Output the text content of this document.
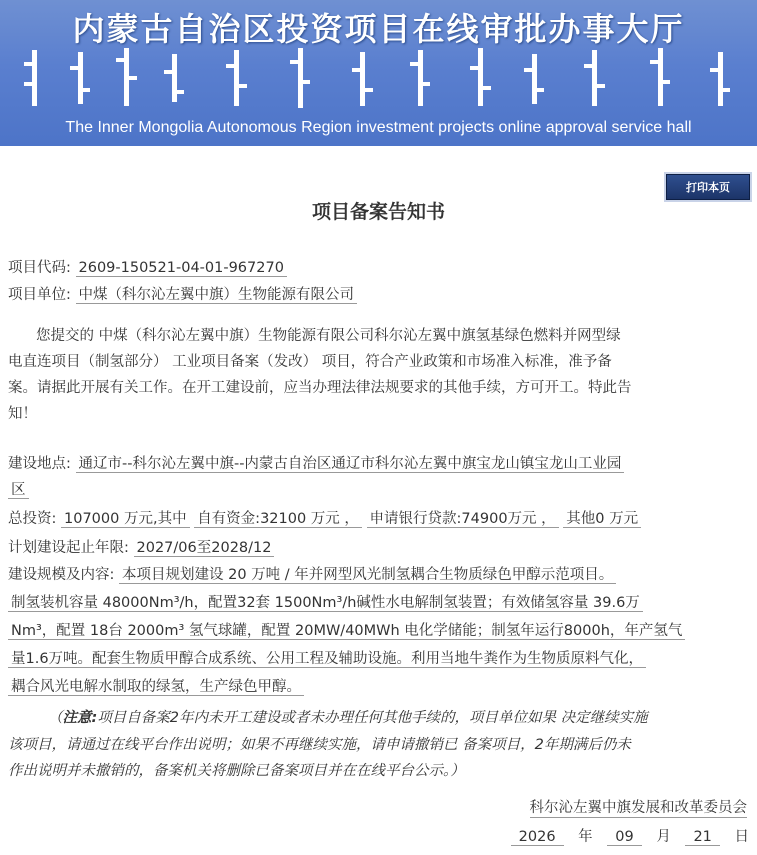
内蒙古自治区投资项目在线审批办事大厅
The Inner Mongolia Autonomous Region investment projects online approval service hall
打印本页
项目备案告知书
项目代码: 2609-150521-04-01-967270
项目单位: 中煤（科尔沁左翼中旗）生物能源有限公司
您提交的 中煤（科尔沁左翼中旗）生物能源有限公司科尔沁左翼中旗氢基绿色燃料并网型绿
电直连项目（制氢部分） 工业项目备案（发改） 项目，符合产业政策和市场准入标准，准予备
案。请据此开展有关工作。在开工建设前，应当办理法律法规要求的其他手续，方可开工。特此告
知！
建设地点: 通辽市--科尔沁左翼中旗--内蒙古自治区通辽市科尔沁左翼中旗宝龙山镇宝龙山工业园
区
总投资: 107000 万元,其中 自有资金:32100 万元 ， 申请银行贷款:74900万元 ， 其他0 万元
计划建设起止年限: 2027/06至2028/12
建设规模及内容: 本项目规划建设 20 万吨 / 年并网型风光制氢耦合生物质绿色甲醇示范项目。
制氢装机容量 48000Nm³/h，配置32套 1500Nm³/h碱性水电解制氢装置；有效储氢容量 39.6万
Nm³，配置 18台 2000m³ 氢气球罐，配置 20MW/40MWh 电化学储能；制氢年运行8000h，年产氢气
量1.6万吨。配套生物质甲醇合成系统、公用工程及辅助设施。利用当地牛粪作为生物质原料气化，
耦合风光电解水制取的绿氢，生产绿色甲醇。
（注意:项目自备案2年内未开工建设或者未办理任何其他手续的，项目单位如果 决定继续实施
该项目，请通过在线平台作出说明；如果不再继续实施，请申请撤销已 备案项目，2年期满后仍未
作出说明并未撤销的，备案机关将删除已备案项目并在在线平台公示。）
科尔沁左翼中旗发展和改革委员会
2026 年 09 月 21 日
